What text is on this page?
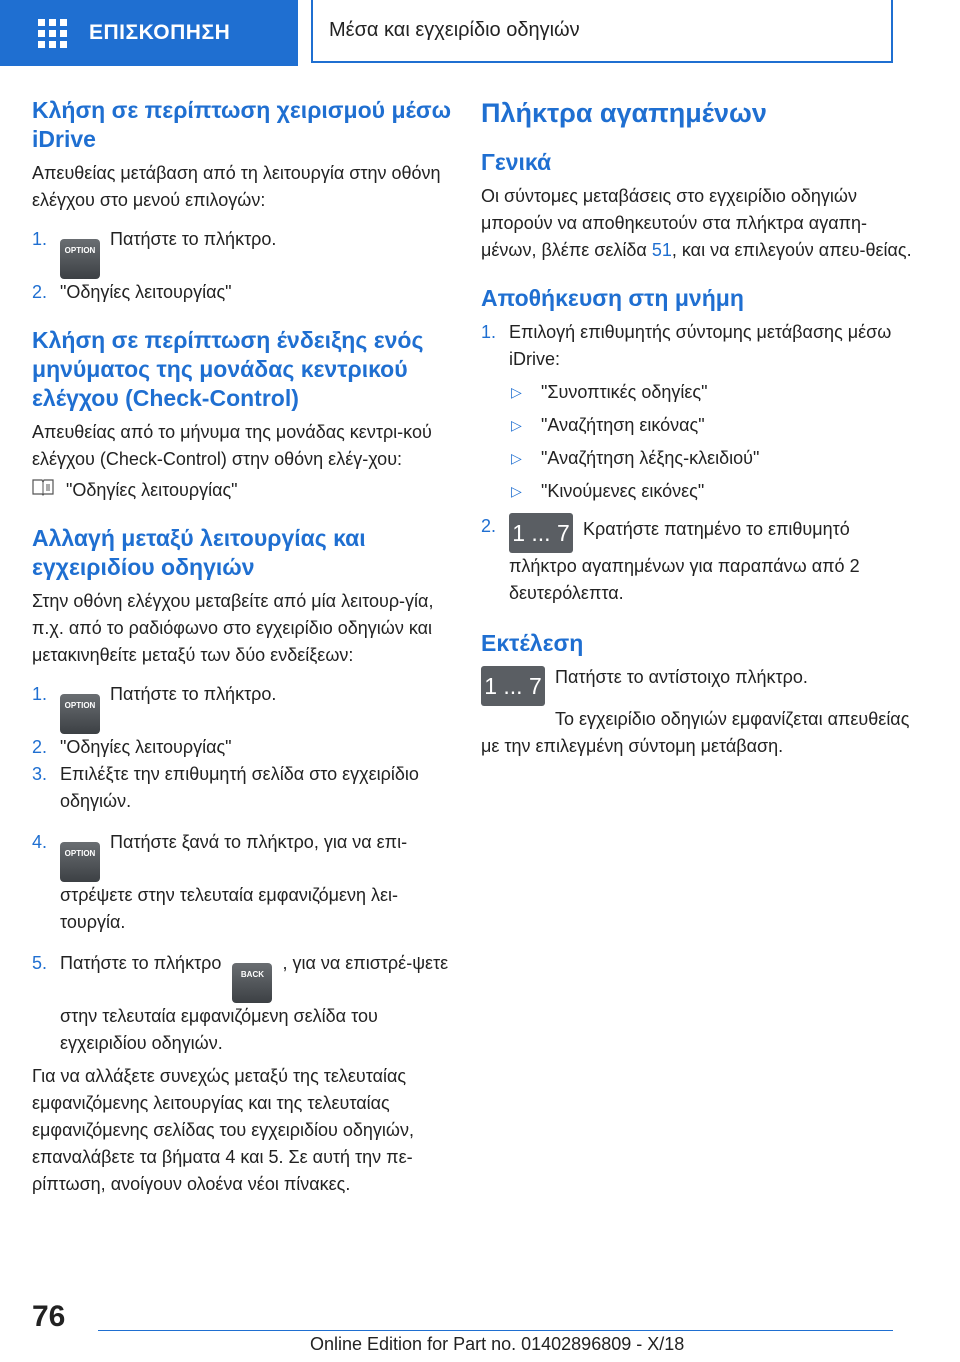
ΕΠΙΣΚΟΠΗΣΗ	Μέσα και εγχειρίδιο οδηγιών
Κλήση σε περίπτωση χειρισμού μέσω iDrive

Απευθείας μετάβαση από τη λειτουργία στην οθόνη ελέγχου στο μενού επιλογών:

1.
OPTIONΠατήστε το πλήκτρο.
2. "Οδηγίες λειτουργίας"
Κλήση σε περίπτωση ένδειξης ενός μηνύματος της μονάδας κεντρικού ελέγχου (Check-Control)

Απευθείας από το μήνυμα της μονάδας κεντρι-κού ελέγχου (Check-Control) στην οθόνη ελέγ-χου:

"Οδηγίες λειτουργίας"

Αλλαγή μεταξύ λειτουργίας και εγχειριδίου οδηγιών

Στην οθόνη ελέγχου μεταβείτε από μία λειτουρ-γία, π.χ. από το ραδιόφωνο στο εγχειρίδιο οδηγιών και μετακινηθείτε μεταξύ των δύο ενδείξεων:

1.
OPTIONΠατήστε το πλήκτρο.
2. "Οδηγίες λειτουργίας"
3. Επιλέξτε την επιθυμητή σελίδα στο εγχειρίδιο οδηγιών.
4.
OPTIONΠατήστε ξανά το πλήκτρο, για να επι-στρέψετε στην τελευταία εμφανιζόμενη λει-τουργία.
5. Πατήστε το πλήκτρο BACK, για να επιστρέ-ψετε στην τελευταία εμφανιζόμενη σελίδα του εγχειριδίου οδηγιών.

Για να αλλάξετε συνεχώς μεταξύ της τελευταίας εμφανιζόμενης λειτουργίας και της τελευταίας εμφανιζόμενης σελίδας του εγχειριδίου οδηγιών, επαναλάβετε τα βήματα 4 και 5. Σε αυτή την πε-ρίπτωση, ανοίγουν ολοένα νέοι πίνακες.

Πλήκτρα αγαπημένων
Γενικά

Οι σύντομες μεταβάσεις στο εγχειρίδιο οδηγιών μπορούν να αποθηκευτούν στα πλήκτρα αγαπη-μένων, βλέπε σελίδα 51, και να επιλεγούν απευ-θείας.

Αποθήκευση στη μνήμη
1. Επιλογή επιθυμητής σύντομης μετάβασης μέσω iDrive:
▷	"Συνοπτικές οδηγίες"
▷	"Αναζήτηση εικόνας"
▷	"Αναζήτηση λέξης-κλειδιού"
▷	"Κινούμενες εικόνες"
2. 1 ... 7 Κρατήστε πατημένο το επιθυμητό πλήκτρο αγαπημένων για παραπάνω από 2 δευτερόλεπτα.
Εκτέλεση
1 ... 7 Πατήστε το αντίστοιχο πλήκτρο.

Το εγχειρίδιο οδηγιών εμφανίζεται απευθείας με την επιλεγμένη σύντομη μετάβαση.

76
Online Edition for Part no. 01402896809 - X/18
